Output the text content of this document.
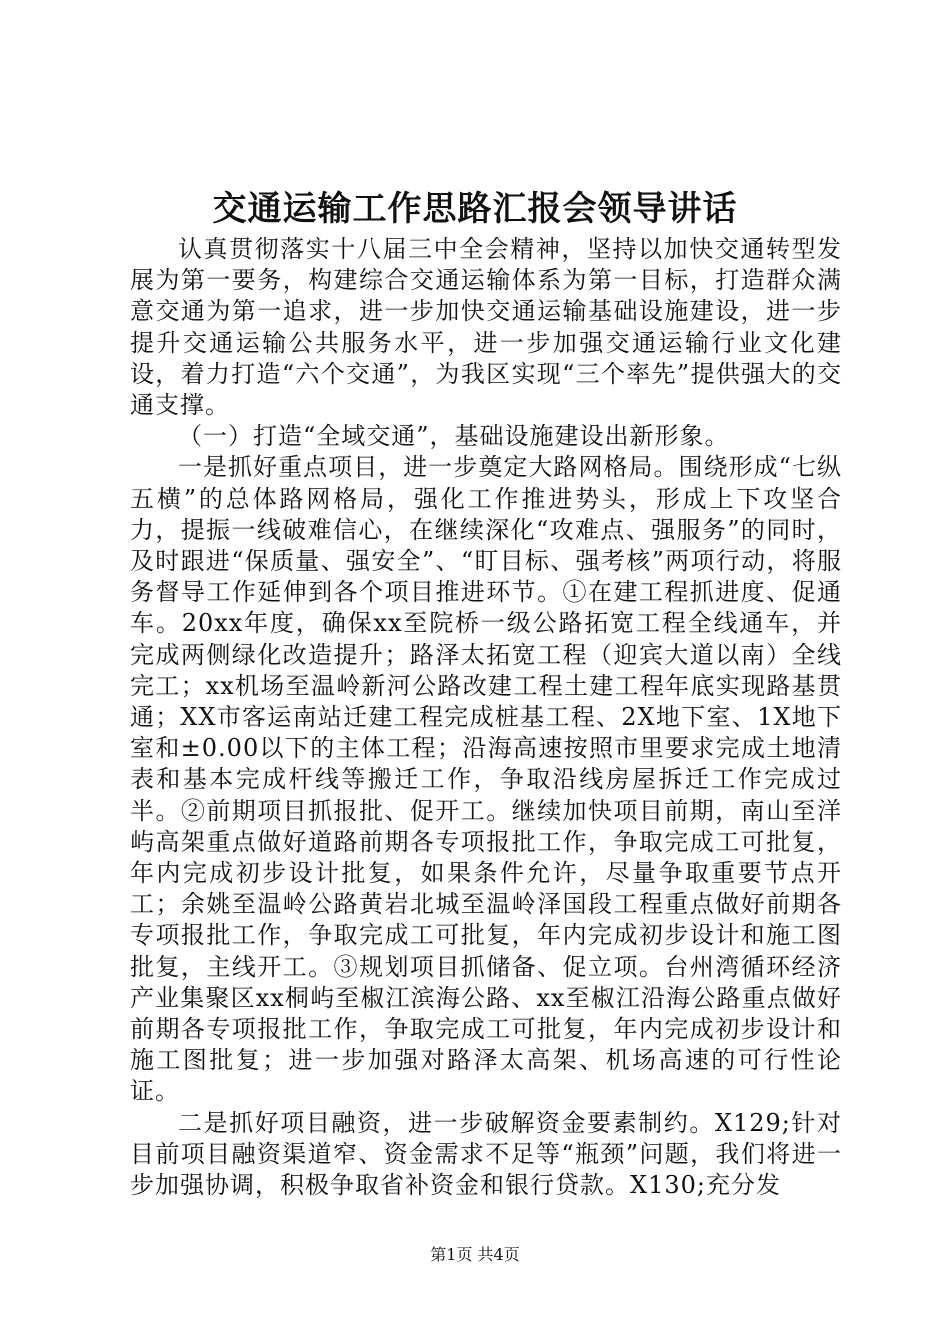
交通运输工作思路汇报会领导讲话

认真贯彻落实十八届三中全会精神，坚持以加快交通转型发展为第一要务，构建综合交通运输体系为第一目标，打造群众满意交通为第一追求，进一步加快交通运输基础设施建设，进一步提升交通运输公共服务水平，进一步加强交通运输行业文化建设，着力打造“六个交通”，为我区实现“三个率先”提供强大的交通支撑。

（一）打造“全域交通”，基础设施建设出新形象。

一是抓好重点项目，进一步奠定大路网格局。围绕形成“七纵五横”的总体路网格局，强化工作推进势头，形成上下攻坚合力，提振一线破难信心，在继续深化“攻难点、强服务”的同时，及时跟进“保质量、强安全”、“盯目标、强考核”两项行动，将服务督导工作延伸到各个项目推进环节。①在建工程抓进度、促通车。20xx年度，确保xx至院桥一级公路拓宽工程全线通车，并完成两侧绿化改造提升；路泽太拓宽工程（迎宾大道以南）全线完工；xx机场至温岭新河公路改建工程土建工程年底实现路基贯通；XX市客运南站迁建工程完成桩基工程、2X地下室、1X地下室和±0.00以下的主体工程；沿海高速按照市里要求完成土地清表和基本完成杆线等搬迁工作，争取沿线房屋拆迁工作完成过半。②前期项目抓报批、促开工。继续加快项目前期，南山至洋屿高架重点做好道路前期各专项报批工作，争取完成工可批复，年内完成初步设计批复，如果条件允许，尽量争取重要节点开工；余姚至温岭公路黄岩北城至温岭泽国段工程重点做好前期各专项报批工作，争取完成工可批复，年内完成初步设计和施工图批复，主线开工。③规划项目抓储备、促立项。台州湾循环经济产业集聚区xx桐屿至椒江滨海公路、xx至椒江沿海公路重点做好前期各专项报批工作，争取完成工可批复，年内完成初步设计和施工图批复；进一步加强对路泽太高架、机场高速的可行性论证。

二是抓好项目融资，进一步破解资金要素制约。X129;针对目前项目融资渠道窄、资金需求不足等“瓶颈”问题，我们将进一步加强协调，积极争取省补资金和银行贷款。X130;充分发

第1页 共4页
